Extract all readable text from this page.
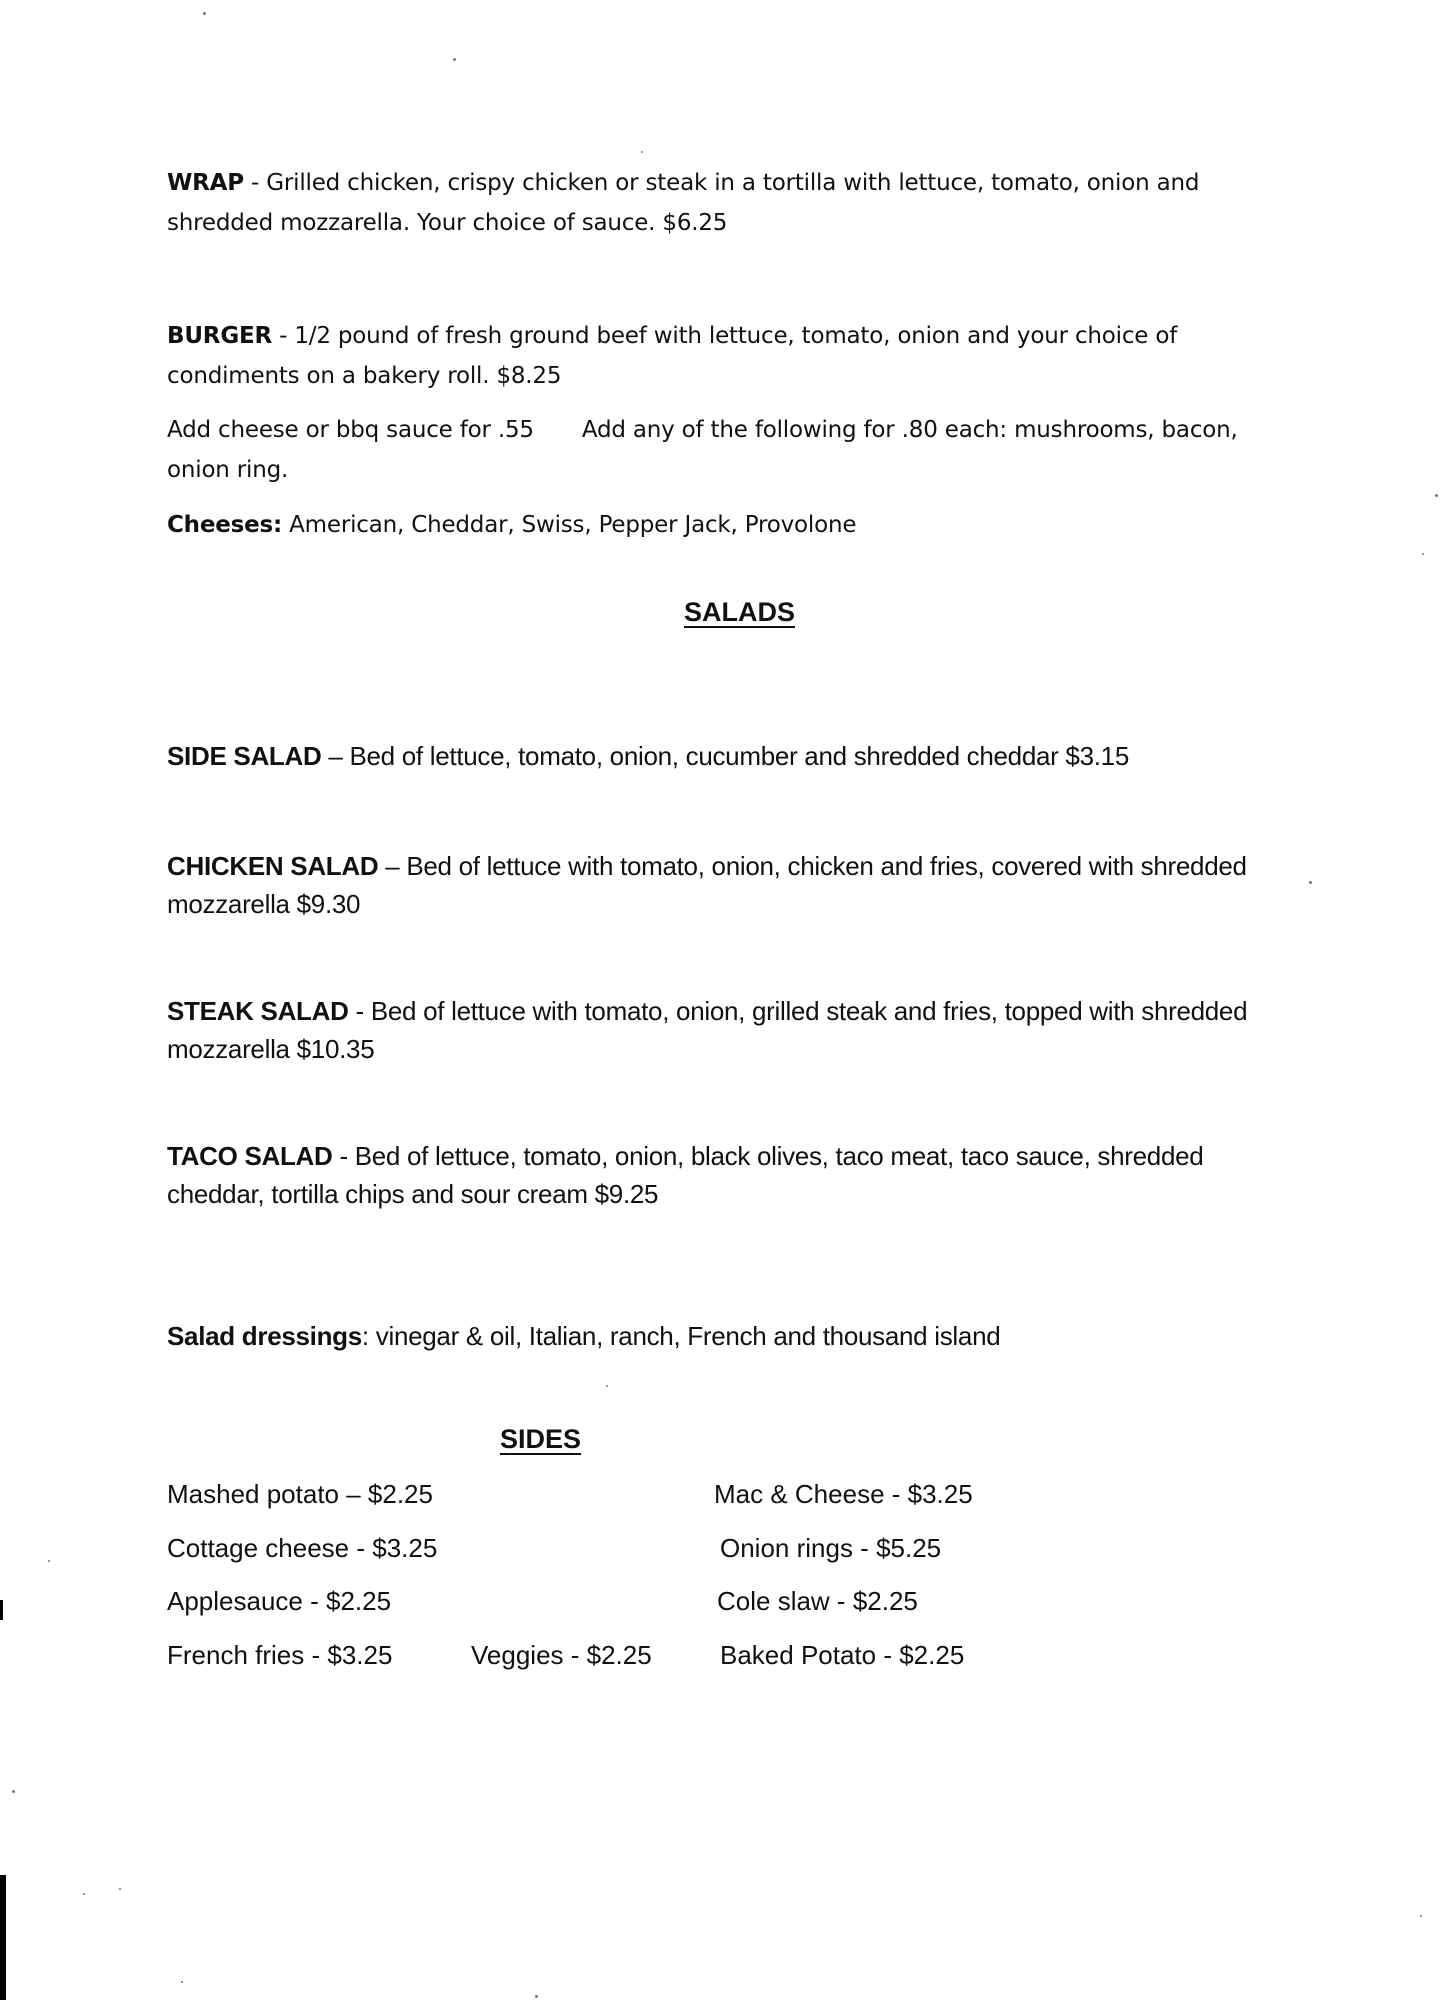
WRAP - Grilled chicken, crispy chicken or steak in a tortilla with lettuce, tomato, onion and shredded mozzarella. Your choice of sauce. $6.25

BURGER - 1/2 pound of fresh ground beef with lettuce, tomato, onion and your choice of condiments on a bakery roll. $8.25

Add cheese or bbq sauce for .55 Add any of the following for .80 each: mushrooms, bacon, onion ring.

Cheeses: American, Cheddar, Swiss, Pepper Jack, Provolone

SALADS

SIDE SALAD – Bed of lettuce, tomato, onion, cucumber and shredded cheddar $3.15

CHICKEN SALAD – Bed of lettuce with tomato, onion, chicken and fries, covered with shredded mozzarella $9.30

STEAK SALAD - Bed of lettuce with tomato, onion, grilled steak and fries, topped with shredded mozzarella $10.35

TACO SALAD - Bed of lettuce, tomato, onion, black olives, taco meat, taco sauce, shredded cheddar, tortilla chips and sour cream $9.25

Salad dressings: vinegar & oil, Italian, ranch, French and thousand island

SIDES
Mashed potato – $2.25	Mac & Cheese - $3.25
Cottage cheese - $3.25	Onion rings - $5.25
Applesauce - $2.25	Cole slaw - $2.25
French fries - $3.25	Veggies - $2.25	Baked Potato - $2.25
